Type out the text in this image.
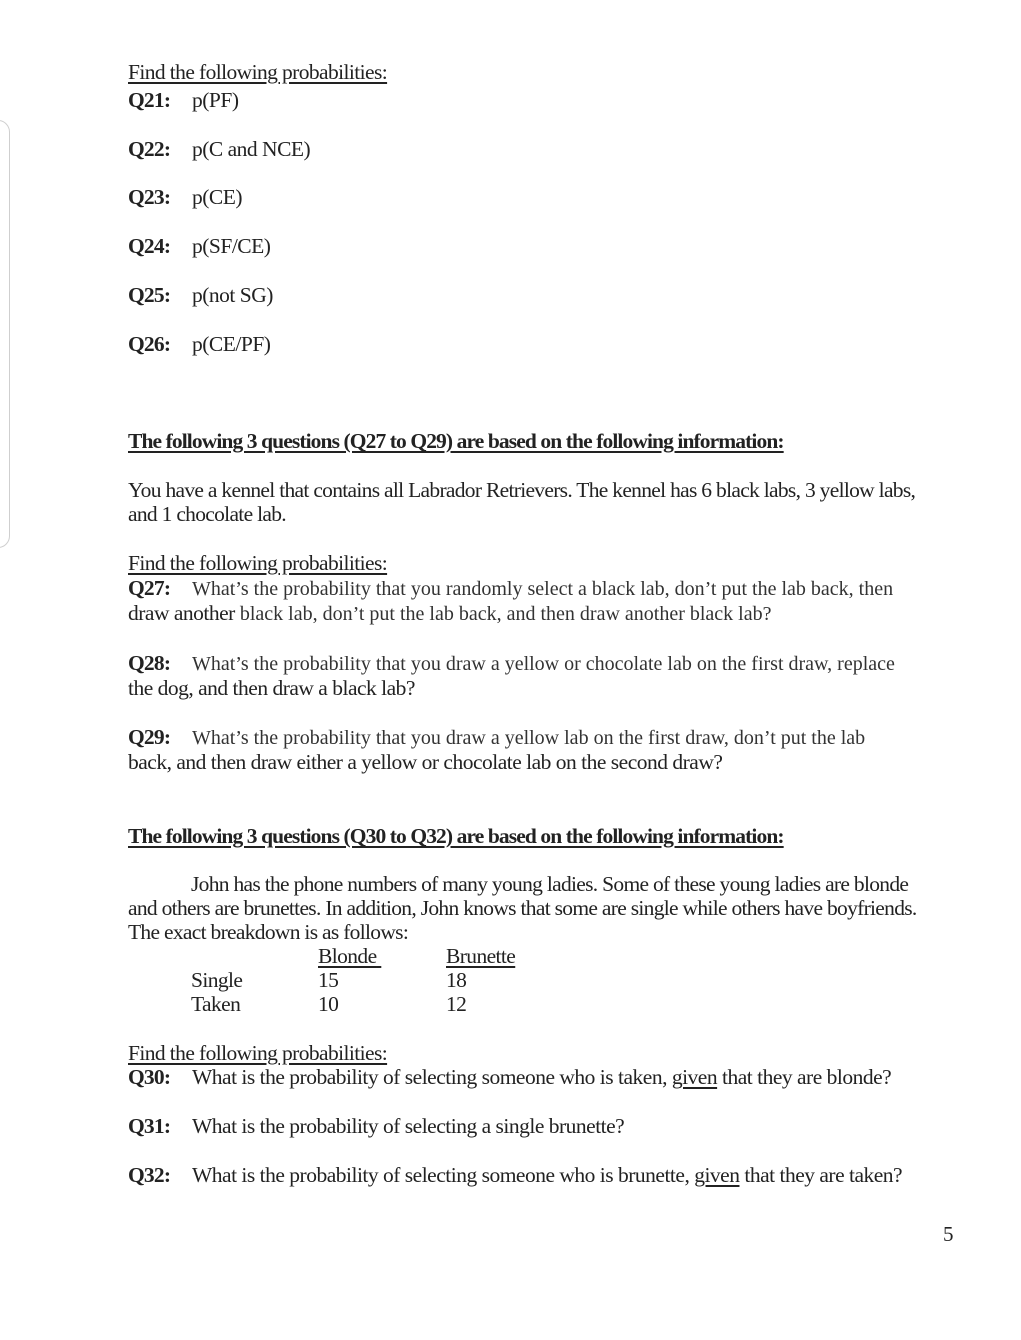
Find the following probabilities:
Q21:	p(PF)
Q22:	p(C and NCE)
Q23:	p(CE)
Q24:	p(SF/CE)
Q25:	p(not SG)
Q26:	p(CE/PF)
The following 3 questions (Q27 to Q29) are based on the following information:
You have a kennel that contains all Labrador Retrievers. The kennel has 6 black labs, 3 yellow labs, and 1 chocolate lab.
Find the following probabilities:
Q27: What’s the probability that you randomly select a black lab, don’t put the lab back, then
draw another black lab, don’t put the lab back, and then draw another black lab?
Q28: What’s the probability that you draw a yellow or chocolate lab on the first draw, replace
the dog, and then draw a black lab?
Q29: What’s the probability that you draw a yellow lab on the first draw, don’t put the lab
back, and then draw either a yellow or chocolate lab on the second draw?
The following 3 questions (Q30 to Q32) are based on the following information:
John has the phone numbers of many young ladies. Some of these young ladies are blonde and others are brunettes. In addition, John knows that some are single while others have boyfriends. The exact breakdown is as follows:
	Blonde	Brunette
Single	15	18
Taken	10	12
Find the following probabilities:
Q30:	What is the probability of selecting someone who is taken, given that they are blonde?
Q31:	What is the probability of selecting a single brunette?
Q32:	What is the probability of selecting someone who is brunette, given that they are taken?
5
